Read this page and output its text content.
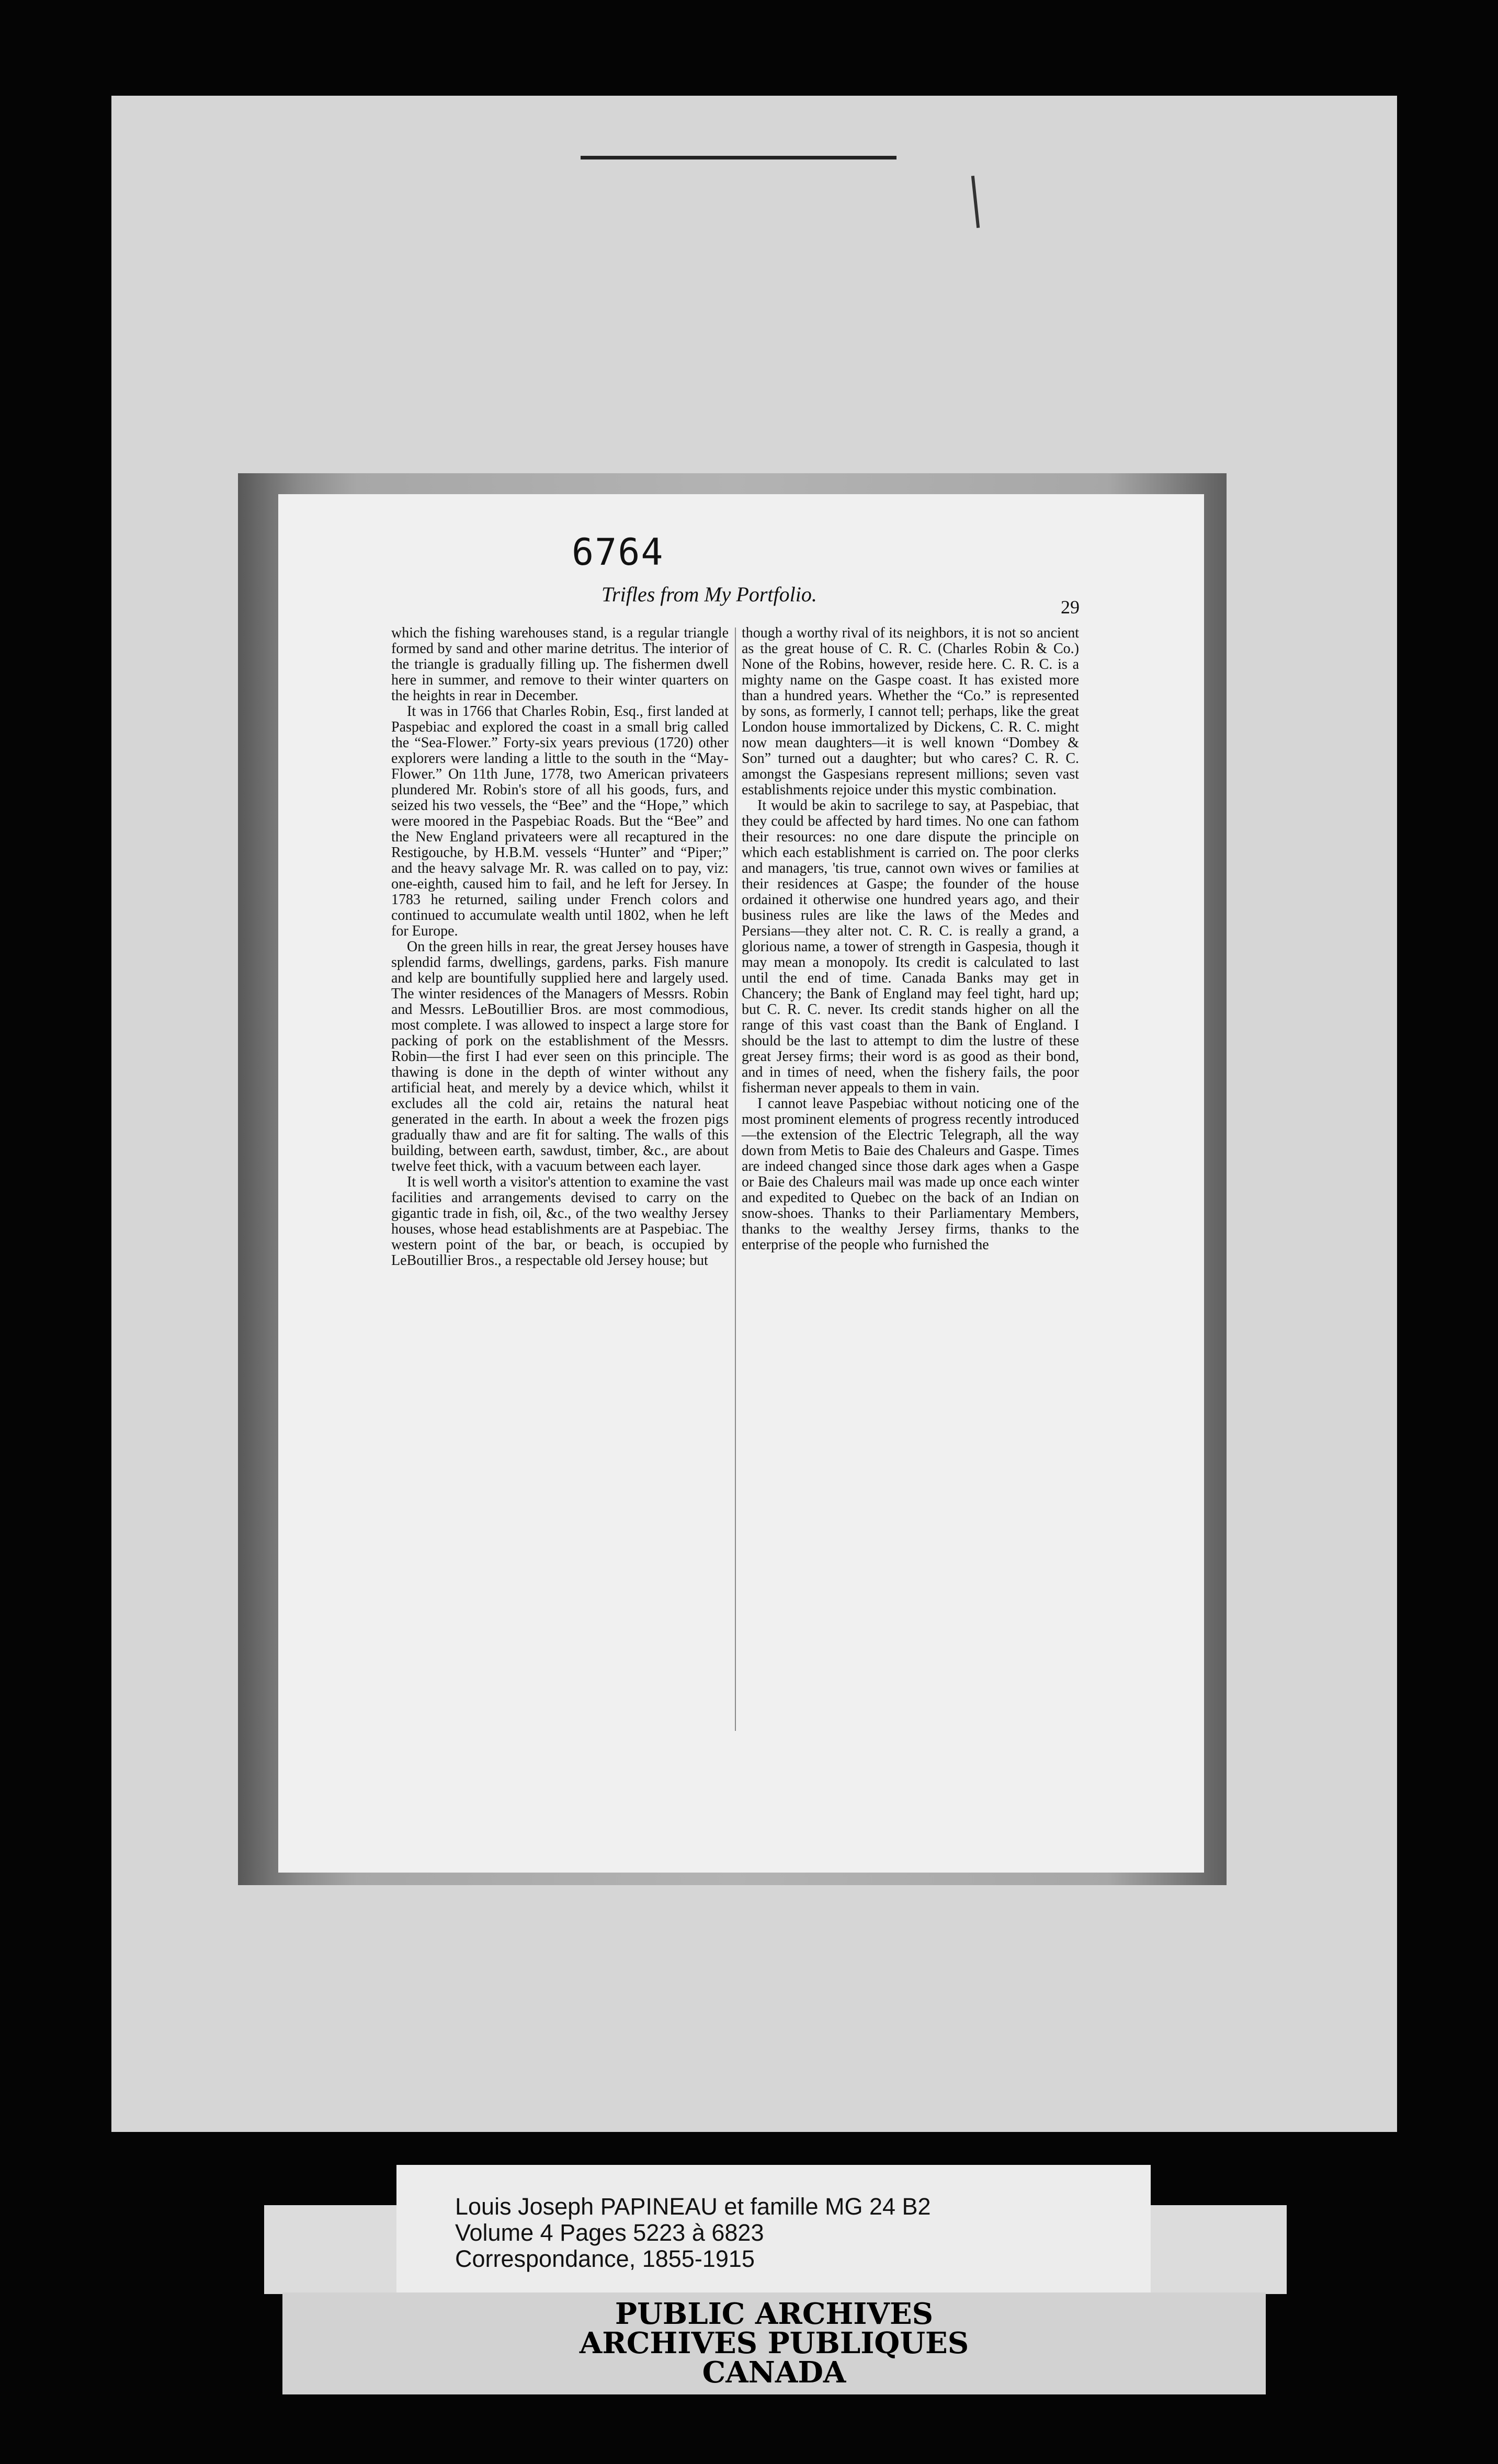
6764
Trifles from My Portfolio.
29

which the fishing warehouses stand, is a regular triangle formed by sand and other marine detritus. The interior of the triangle is gradually filling up. The fishermen dwell here in summer, and remove to their winter quarters on the heights in rear in December.

It was in 1766 that Charles Robin, Esq., first landed at Paspebiac and explored the coast in a small brig called the “Sea-Flower.” Forty-six years previous (1720) other explorers were landing a little to the south in the “May-Flower.” On 11th June, 1778, two American privateers plundered Mr. Robin's store of all his goods, furs, and seized his two vessels, the “Bee” and the “Hope,” which were moored in the Paspebiac Roads. But the “Bee” and the New England privateers were all recaptured in the Restigouche, by H.B.M. vessels “Hunter” and “Piper;” and the heavy salvage Mr. R. was called on to pay, viz: one-eighth, caused him to fail, and he left for Jersey. In 1783 he returned, sailing under French colors and continued to accumulate wealth until 1802, when he left for Europe.

On the green hills in rear, the great Jersey houses have splendid farms, dwellings, gardens, parks. Fish manure and kelp are bountifully supplied here and largely used. The winter residences of the Managers of Messrs. Robin and Messrs. LeBoutillier Bros. are most commodious, most complete. I was allowed to inspect a large store for packing of pork on the establishment of the Messrs. Robin—the first I had ever seen on this principle. The thawing is done in the depth of winter without any artificial heat, and merely by a device which, whilst it excludes all the cold air, retains the natural heat generated in the earth. In about a week the frozen pigs gradually thaw and are fit for salting. The walls of this building, between earth, sawdust, timber, &c., are about twelve feet thick, with a vacuum between each layer.

It is well worth a visitor's attention to examine the vast facilities and arrangements devised to carry on the gigantic trade in fish, oil, &c., of the two wealthy Jersey houses, whose head establishments are at Paspebiac. The western point of the bar, or beach, is occupied by LeBoutillier Bros., a respectable old Jersey house; but

though a worthy rival of its neighbors, it is not so ancient as the great house of C. R. C. (Charles Robin & Co.) None of the Robins, however, reside here. C. R. C. is a mighty name on the Gaspe coast. It has existed more than a hundred years. Whether the “Co.” is represented by sons, as formerly, I cannot tell; perhaps, like the great London house immortalized by Dickens, C. R. C. might now mean daughters—it is well known “Dombey & Son” turned out a daughter; but who cares? C. R. C. amongst the Gaspesians represent millions; seven vast establishments rejoice under this mystic combination.

It would be akin to sacrilege to say, at Paspebiac, that they could be affected by hard times. No one can fathom their resources: no one dare dispute the principle on which each establishment is carried on. The poor clerks and managers, 'tis true, cannot own wives or families at their residences at Gaspe; the founder of the house ordained it otherwise one hundred years ago, and their business rules are like the laws of the Medes and Persians—they alter not. C. R. C. is really a grand, a glorious name, a tower of strength in Gaspesia, though it may mean a monopoly. Its credit is calculated to last until the end of time. Canada Banks may get in Chancery; the Bank of England may feel tight, hard up; but C. R. C. never. Its credit stands higher on all the range of this vast coast than the Bank of England. I should be the last to attempt to dim the lustre of these great Jersey firms; their word is as good as their bond, and in times of need, when the fishery fails, the poor fisherman never appeals to them in vain.

I cannot leave Paspebiac without noticing one of the most prominent elements of progress recently introduced—the extension of the Electric Telegraph, all the way down from Metis to Baie des Chaleurs and Gaspe. Times are indeed changed since those dark ages when a Gaspe or Baie des Chaleurs mail was made up once each winter and expedited to Quebec on the back of an Indian on snow-shoes. Thanks to their Parliamentary Members, thanks to the wealthy Jersey firms, thanks to the enterprise of the people who furnished the

Louis Joseph PAPINEAU et famille MG 24 B2
Volume 4 Pages 5223 à 6823
Correspondance, 1855-1915
PUBLIC ARCHIVES
ARCHIVES PUBLIQUES
CANADA
